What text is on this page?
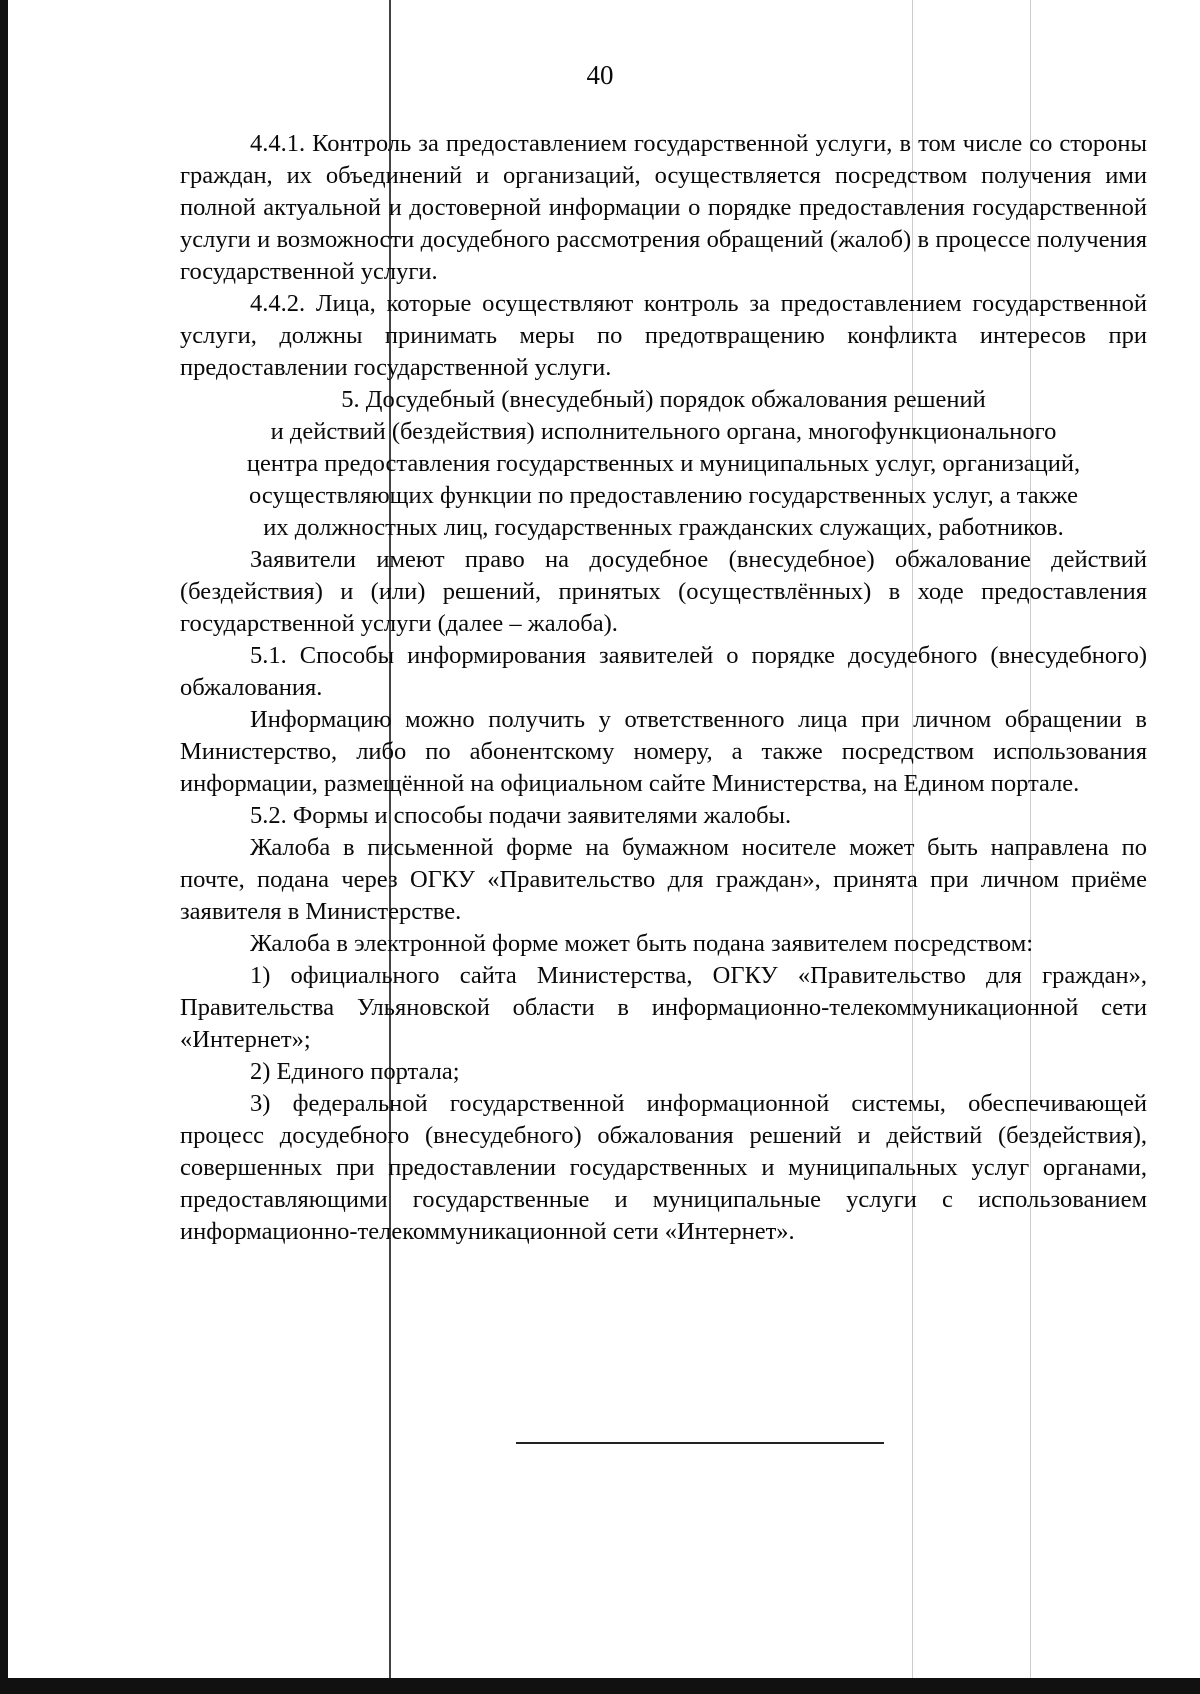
40

4.4.1. Контроль за предоставлением государственной услуги, в том числе со стороны граждан, их объединений и организаций, осуществляется посредством получения ими полной актуальной и достоверной информации о порядке предоставления государственной услуги и возможности досудебного рассмотрения обращений (жалоб) в процессе получения государственной услуги.

4.4.2. Лица, которые осуществляют контроль за предоставлением государственной услуги, должны принимать меры по предотвращению конфликта интересов при предоставлении государственной услуги.

5. Досудебный (внесудебный) порядок обжалования решений
и действий (бездействия) исполнительного органа, многофункционального
центра предоставления государственных и муниципальных услуг, организаций,
осуществляющих функции по предоставлению государственных услуг, а также
их должностных лиц, государственных гражданских служащих, работников.

Заявители имеют право на досудебное (внесудебное) обжалование действий (бездействия) и (или) решений, принятых (осуществлённых) в ходе предоставления государственной услуги (далее – жалоба).

5.1. Способы информирования заявителей о порядке досудебного (внесудебного) обжалования.

Информацию можно получить у ответственного лица при личном обращении в Министерство, либо по абонентскому номеру, а также посредством использования информации, размещённой на официальном сайте Министерства, на Едином портале.

5.2. Формы и способы подачи заявителями жалобы.

Жалоба в письменной форме на бумажном носителе может быть направлена по почте, подана через ОГКУ «Правительство для граждан», принята при личном приёме заявителя в Министерстве.

Жалоба в электронной форме может быть подана заявителем посредством:

1) официального сайта Министерства, ОГКУ «Правительство для граждан», Правительства Ульяновской области в информационно-телекоммуникационной сети «Интернет»;

2) Единого портала;

3) федеральной государственной информационной системы, обеспечивающей процесс досудебного (внесудебного) обжалования решений и действий (бездействия), совершенных при предоставлении государственных и муниципальных услуг органами, предоставляющими государственные и муниципальные услуги с использованием информационно-телекоммуникационной сети «Интернет».
